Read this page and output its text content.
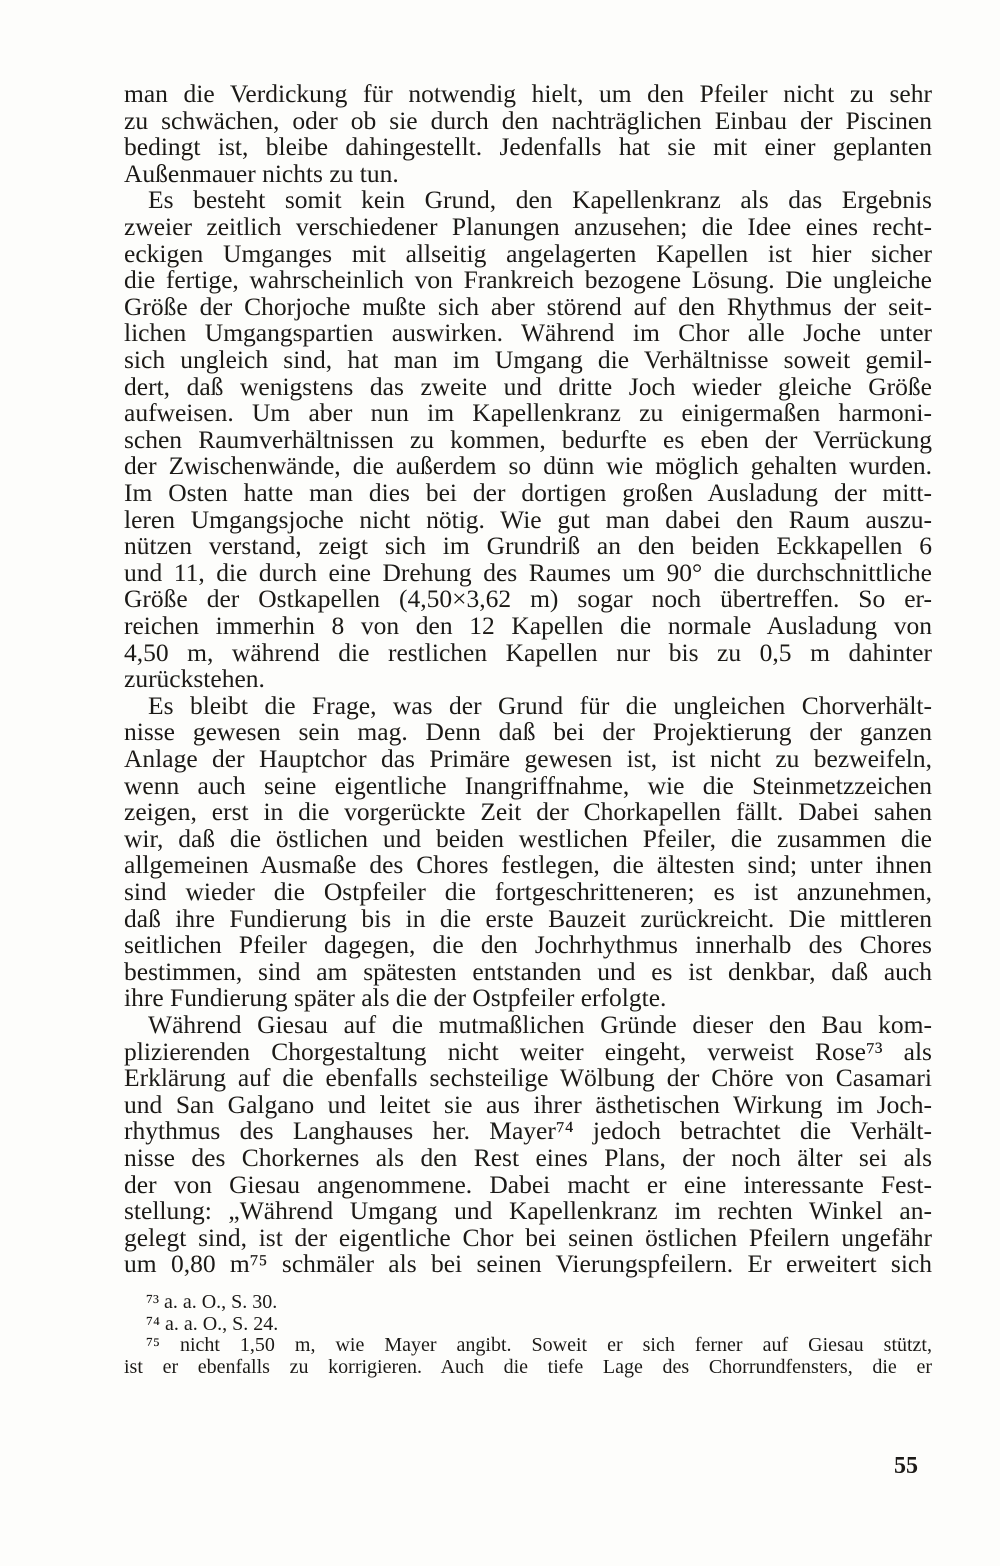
man die Verdickung für notwendig hielt, um den Pfeiler nicht zu sehr
zu schwächen, oder ob sie durch den nachträglichen Einbau der Piscinen
bedingt ist, bleibe dahingestellt. Jedenfalls hat sie mit einer geplanten
Außenmauer nichts zu tun.
Es besteht somit kein Grund, den Kapellenkranz als das Ergebnis
zweier zeitlich verschiedener Planungen anzusehen; die Idee eines recht-
eckigen Umganges mit allseitig angelagerten Kapellen ist hier sicher
die fertige, wahrscheinlich von Frankreich bezogene Lösung. Die ungleiche
Größe der Chorjoche mußte sich aber störend auf den Rhythmus der seit-
lichen Umgangspartien auswirken. Während im Chor alle Joche unter
sich ungleich sind, hat man im Umgang die Verhältnisse soweit gemil-
dert, daß wenigstens das zweite und dritte Joch wieder gleiche Größe
aufweisen. Um aber nun im Kapellenkranz zu einigermaßen harmoni-
schen Raumverhältnissen zu kommen, bedurfte es eben der Verrückung
der Zwischenwände, die außerdem so dünn wie möglich gehalten wurden.
Im Osten hatte man dies bei der dortigen großen Ausladung der mitt-
leren Umgangsjoche nicht nötig. Wie gut man dabei den Raum auszu-
nützen verstand, zeigt sich im Grundriß an den beiden Eckkapellen 6
und 11, die durch eine Drehung des Raumes um 90° die durchschnittliche
Größe der Ostkapellen (4,50×3,62 m) sogar noch übertreffen. So er-
reichen immerhin 8 von den 12 Kapellen die normale Ausladung von
4,50 m, während die restlichen Kapellen nur bis zu 0,5 m dahinter
zurückstehen.
Es bleibt die Frage, was der Grund für die ungleichen Chorverhält-
nisse gewesen sein mag. Denn daß bei der Projektierung der ganzen
Anlage der Hauptchor das Primäre gewesen ist, ist nicht zu bezweifeln,
wenn auch seine eigentliche Inangriffnahme, wie die Steinmetzzeichen
zeigen, erst in die vorgerückte Zeit der Chorkapellen fällt. Dabei sahen
wir, daß die östlichen und beiden westlichen Pfeiler, die zusammen die
allgemeinen Ausmaße des Chores festlegen, die ältesten sind; unter ihnen
sind wieder die Ostpfeiler die fortgeschritteneren; es ist anzunehmen,
daß ihre Fundierung bis in die erste Bauzeit zurückreicht. Die mittleren
seitlichen Pfeiler dagegen, die den Jochrhythmus innerhalb des Chores
bestimmen, sind am spätesten entstanden und es ist denkbar, daß auch
ihre Fundierung später als die der Ostpfeiler erfolgte.
Während Giesau auf die mutmaßlichen Gründe dieser den Bau kom-
plizierenden Chorgestaltung nicht weiter eingeht, verweist Rose⁷³ als
Erklärung auf die ebenfalls sechsteilige Wölbung der Chöre von Casamari
und San Galgano und leitet sie aus ihrer ästhetischen Wirkung im Joch-
rhythmus des Langhauses her. Mayer⁷⁴ jedoch betrachtet die Verhält-
nisse des Chorkernes als den Rest eines Plans, der noch älter sei als
der von Giesau angenommene. Dabei macht er eine interessante Fest-
stellung: „Während Umgang und Kapellenkranz im rechten Winkel an-
gelegt sind, ist der eigentliche Chor bei seinen östlichen Pfeilern ungefähr
um 0,80 m⁷⁵ schmäler als bei seinen Vierungspfeilern. Er erweitert sich
⁷³ a. a. O., S. 30.
⁷⁴ a. a. O., S. 24.
⁷⁵ nicht 1,50 m, wie Mayer angibt. Soweit er sich ferner auf Giesau stützt,
ist er ebenfalls zu korrigieren. Auch die tiefe Lage des Chorrundfensters, die er
55
